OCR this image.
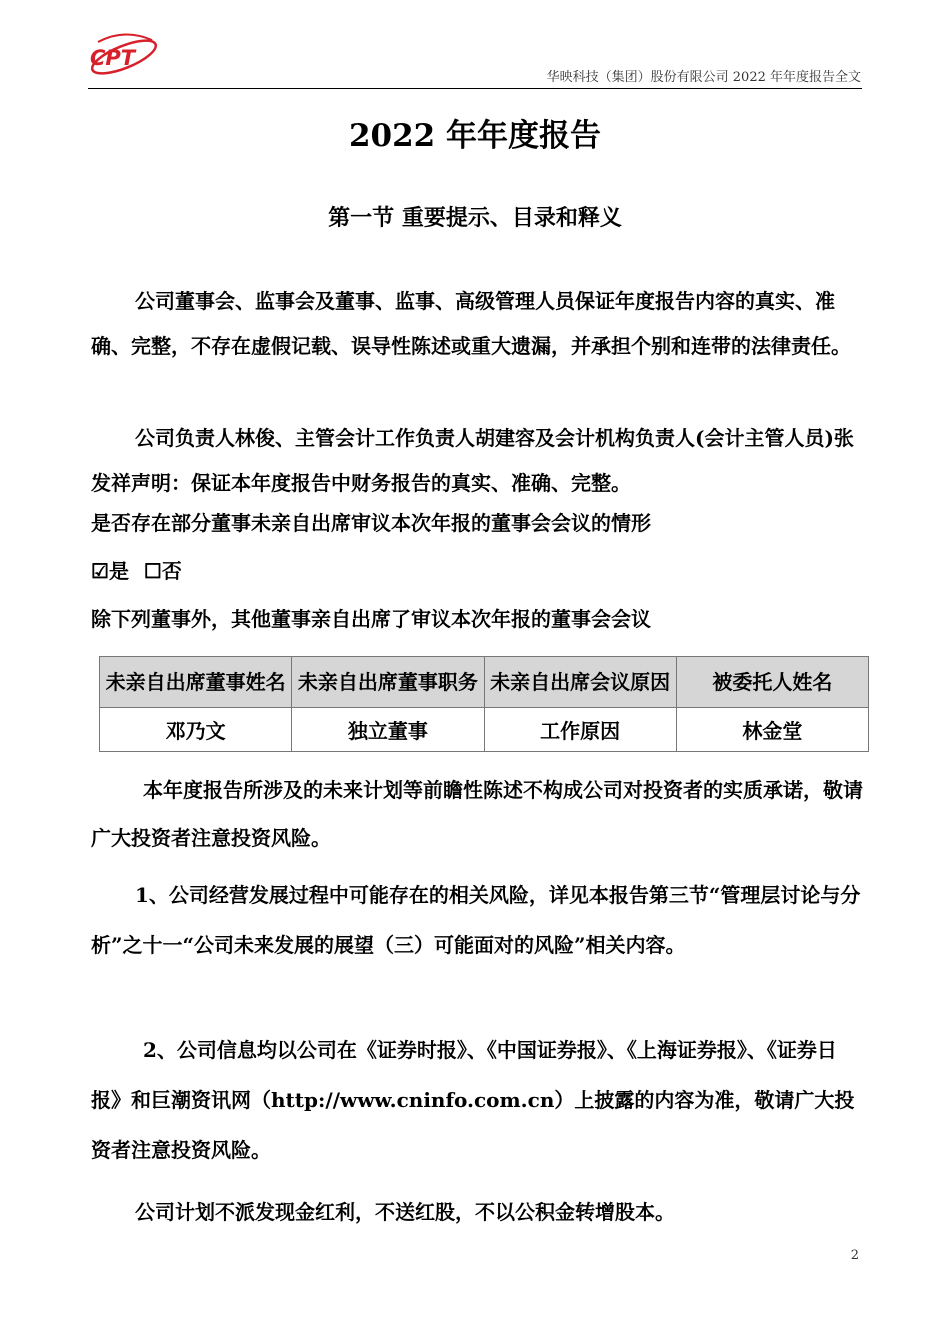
CPT
华映科技（集团）股份有限公司 2022 年年度报告全文
2022 年年度报告
第一节 重要提示、目录和释义
公司董事会、监事会及董事、监事、高级管理人员保证年度报告内容的真实、准确、完整，不存在虚假记载、误导性陈述或重大遗漏，并承担个别和连带的法律责任。
公司负责人林俊、主管会计工作负责人胡建容及会计机构负责人(会计主管人员)张发祥声明：保证本年度报告中财务报告的真实、准确、完整。
是否存在部分董事未亲自出席审议本次年报的董事会会议的情形
☑是 ☐否
除下列董事外，其他董事亲自出席了审议本次年报的董事会会议
未亲自出席董事姓名	未亲自出席董事职务	未亲自出席会议原因	被委托人姓名
邓乃文	独立董事	工作原因	林金堂
本年度报告所涉及的未来计划等前瞻性陈述不构成公司对投资者的实质承诺，敬请广大投资者注意投资风险。
1、公司经营发展过程中可能存在的相关风险，详见本报告第三节“管理层讨论与分析”之十一“公司未来发展的展望（三）可能面对的风险”相关内容。
2、公司信息均以公司在《证券时报》、《中国证券报》、《上海证券报》、《证券日报》和巨潮资讯网（http://www.cninfo.com.cn）上披露的内容为准，敬请广大投资者注意投资风险。
公司计划不派发现金红利，不送红股，不以公积金转增股本。
2
